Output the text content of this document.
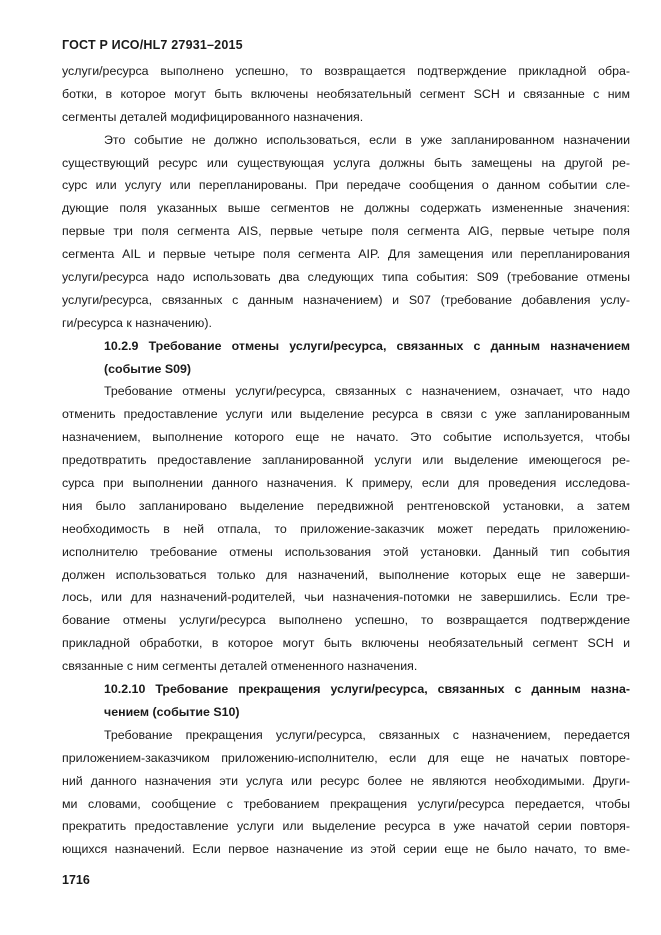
ГОСТ Р ИСО/HL7 27931–2015
услуги/ресурса выполнено успешно, то возвращается подтверждение прикладной обра-
ботки, в которое могут быть включены необязательный сегмент SCH и связанные с ним
сегменты деталей модифицированного назначения.
Это событие не должно использоваться, если в уже запланированном назначении
существующий ресурс или существующая услуга должны быть замещены на другой ре-
сурс или услугу или перепланированы. При передаче сообщения о данном событии сле-
дующие поля указанных выше сегментов не должны содержать измененные значения:
первые три поля сегмента AIS, первые четыре поля сегмента AIG, первые четыре поля
сегмента AIL и первые четыре поля сегмента AIP. Для замещения или перепланирования
услуги/ресурса надо использовать два следующих типа события: S09 (требование отмены
услуги/ресурса, связанных с данным назначением) и S07 (требование добавления услу-
ги/ресурса к назначению).
10.2.9 Требование отмены услуги/ресурса, связанных с данным назначением
(событие S09)
Требование отмены услуги/ресурса, связанных с назначением, означает, что надо
отменить предоставление услуги или выделение ресурса в связи с уже запланированным
назначением, выполнение которого еще не начато. Это событие используется, чтобы
предотвратить предоставление запланированной услуги или выделение имеющегося ре-
сурса при выполнении данного назначения. К примеру, если для проведения исследова-
ния было запланировано выделение передвижной рентгеновской установки, а затем
необходимость в ней отпала, то приложение-заказчик может передать приложению-
исполнителю требование отмены использования этой установки. Данный тип события
должен использоваться только для назначений, выполнение которых еще не заверши-
лось, или для назначений-родителей, чьи назначения-потомки не завершились. Если тре-
бование отмены услуги/ресурса выполнено успешно, то возвращается подтверждение
прикладной обработки, в которое могут быть включены необязательный сегмент SCH и
связанные с ним сегменты деталей отмененного назначения.
10.2.10 Требование прекращения услуги/ресурса, связанных с данным назна-
чением (событие S10)
Требование прекращения услуги/ресурса, связанных с назначением, передается
приложением-заказчиком приложению-исполнителю, если для еще не начатых повторе-
ний данного назначения эти услуга или ресурс более не являются необходимыми. Други-
ми словами, сообщение с требованием прекращения услуги/ресурса передается, чтобы
прекратить предоставление услуги или выделение ресурса в уже начатой серии повторя-
ющихся назначений. Если первое назначение из этой серии еще не было начато, то вме-
1716
